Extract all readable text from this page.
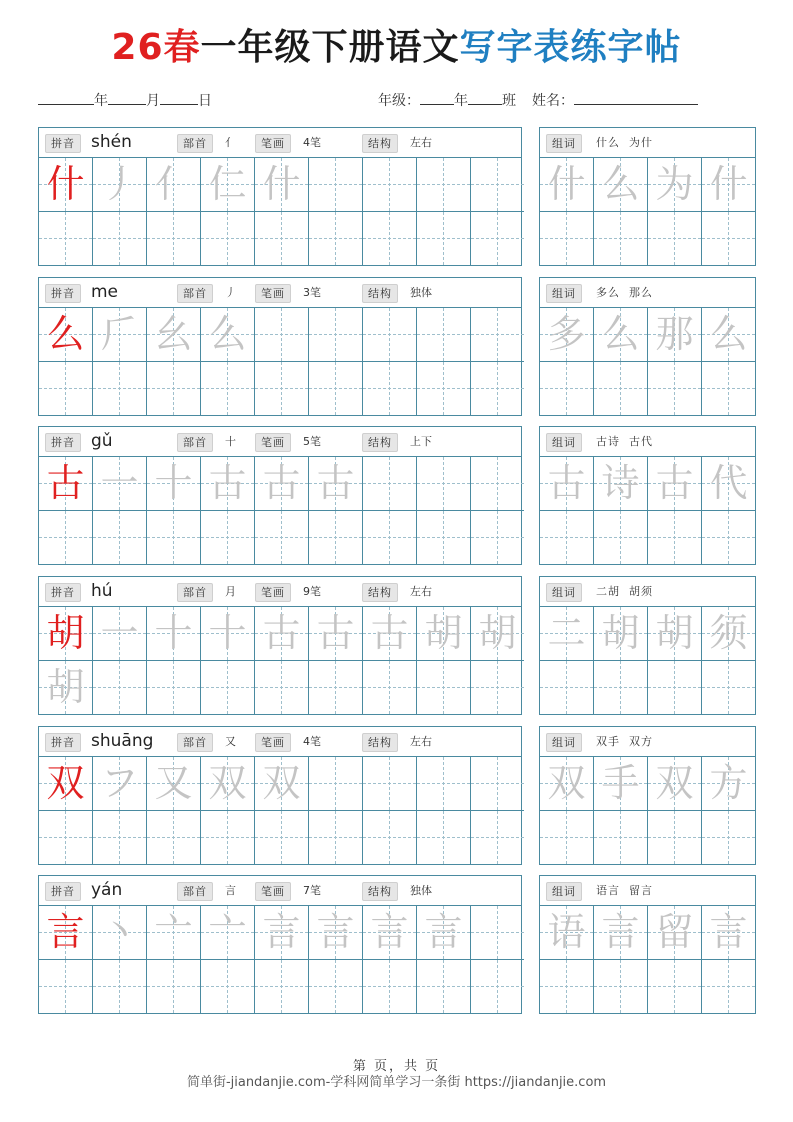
26春一年级下册语文写字表练字帖
年	月	日	年级： 年 班 姓名：
拼音 shén	部首	亻	笔画	4笔	结构	左右
什 丿 亻 仁 什
组词	什么  为什
什 么 为 什
拼音 me	部首	丿	笔画	3笔	结构	独体
么 𠂆 幺 么
组词	多么  那么
多 么 那 么
拼音 gǔ	部首	十	笔画	5笔	结构	上下
古 一 十 古 古 古
组词	古诗  古代
古 诗 古 代
拼音 hú	部首	月	笔画	9笔	结构	左右
胡 一 十 十 古 古 古 胡 胡
胡
组词	二胡  胡须
二 胡 胡 须
拼音 shuāng	部首	又	笔画	4笔	结构	左右
双 フ 又 双 双
组词	双手  双方
双 手 双 方
拼音 yán	部首	言	笔画	7笔	结构	独体
言 丶 亠 亠 言 言 言 言
组词	语言  留言
语 言 留 言
第 页，共 页
简单街-jiandanjie.com-学科网简单学习一条街 https://jiandanjie.com
